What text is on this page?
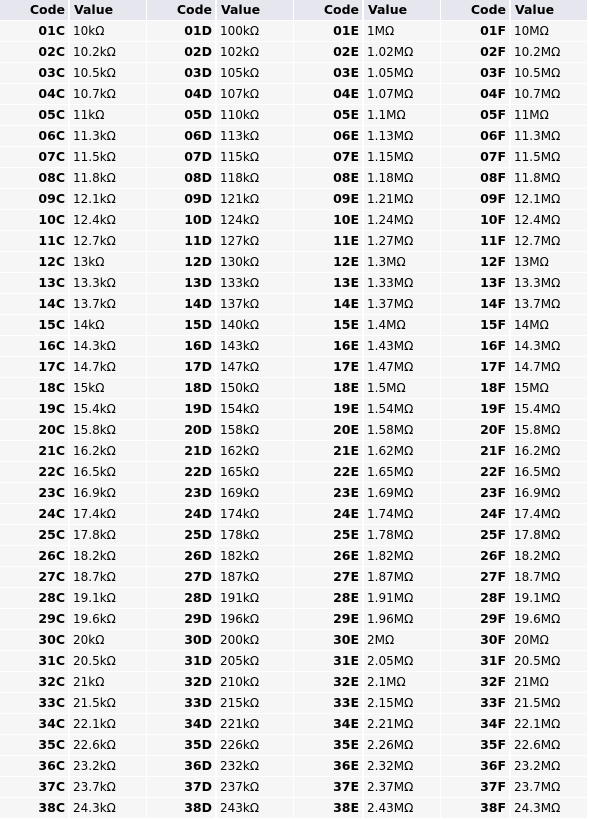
Code Value
01C 10kΩ
02C 10.2kΩ
03C 10.5kΩ
04C 10.7kΩ
05C 11kΩ
06C 11.3kΩ
07C 11.5kΩ
08C 11.8kΩ
09C 12.1kΩ
10C 12.4kΩ
11C 12.7kΩ
12C 13kΩ
13C 13.3kΩ
14C 13.7kΩ
15C 14kΩ
16C 14.3kΩ
17C 14.7kΩ
18C 15kΩ
19C 15.4kΩ
20C 15.8kΩ
21C 16.2kΩ
22C 16.5kΩ
23C 16.9kΩ
24C 17.4kΩ
25C 17.8kΩ
26C 18.2kΩ
27C 18.7kΩ
28C 19.1kΩ
29C 19.6kΩ
30C 20kΩ
31C 20.5kΩ
32C 21kΩ
33C 21.5kΩ
34C 22.1kΩ
35C 22.6kΩ
36C 23.2kΩ
37C 23.7kΩ
38C 24.3kΩ
Code Value
01D 100kΩ
02D 102kΩ
03D 105kΩ
04D 107kΩ
05D 110kΩ
06D 113kΩ
07D 115kΩ
08D 118kΩ
09D 121kΩ
10D 124kΩ
11D 127kΩ
12D 130kΩ
13D 133kΩ
14D 137kΩ
15D 140kΩ
16D 143kΩ
17D 147kΩ
18D 150kΩ
19D 154kΩ
20D 158kΩ
21D 162kΩ
22D 165kΩ
23D 169kΩ
24D 174kΩ
25D 178kΩ
26D 182kΩ
27D 187kΩ
28D 191kΩ
29D 196kΩ
30D 200kΩ
31D 205kΩ
32D 210kΩ
33D 215kΩ
34D 221kΩ
35D 226kΩ
36D 232kΩ
37D 237kΩ
38D 243kΩ
Code Value
01E 1MΩ
02E 1.02MΩ
03E 1.05MΩ
04E 1.07MΩ
05E 1.1MΩ
06E 1.13MΩ
07E 1.15MΩ
08E 1.18MΩ
09E 1.21MΩ
10E 1.24MΩ
11E 1.27MΩ
12E 1.3MΩ
13E 1.33MΩ
14E 1.37MΩ
15E 1.4MΩ
16E 1.43MΩ
17E 1.47MΩ
18E 1.5MΩ
19E 1.54MΩ
20E 1.58MΩ
21E 1.62MΩ
22E 1.65MΩ
23E 1.69MΩ
24E 1.74MΩ
25E 1.78MΩ
26E 1.82MΩ
27E 1.87MΩ
28E 1.91MΩ
29E 1.96MΩ
30E 2MΩ
31E 2.05MΩ
32E 2.1MΩ
33E 2.15MΩ
34E 2.21MΩ
35E 2.26MΩ
36E 2.32MΩ
37E 2.37MΩ
38E 2.43MΩ
Code Value
01F 10MΩ
02F 10.2MΩ
03F 10.5MΩ
04F 10.7MΩ
05F 11MΩ
06F 11.3MΩ
07F 11.5MΩ
08F 11.8MΩ
09F 12.1MΩ
10F 12.4MΩ
11F 12.7MΩ
12F 13MΩ
13F 13.3MΩ
14F 13.7MΩ
15F 14MΩ
16F 14.3MΩ
17F 14.7MΩ
18F 15MΩ
19F 15.4MΩ
20F 15.8MΩ
21F 16.2MΩ
22F 16.5MΩ
23F 16.9MΩ
24F 17.4MΩ
25F 17.8MΩ
26F 18.2MΩ
27F 18.7MΩ
28F 19.1MΩ
29F 19.6MΩ
30F 20MΩ
31F 20.5MΩ
32F 21MΩ
33F 21.5MΩ
34F 22.1MΩ
35F 22.6MΩ
36F 23.2MΩ
37F 23.7MΩ
38F 24.3MΩ
